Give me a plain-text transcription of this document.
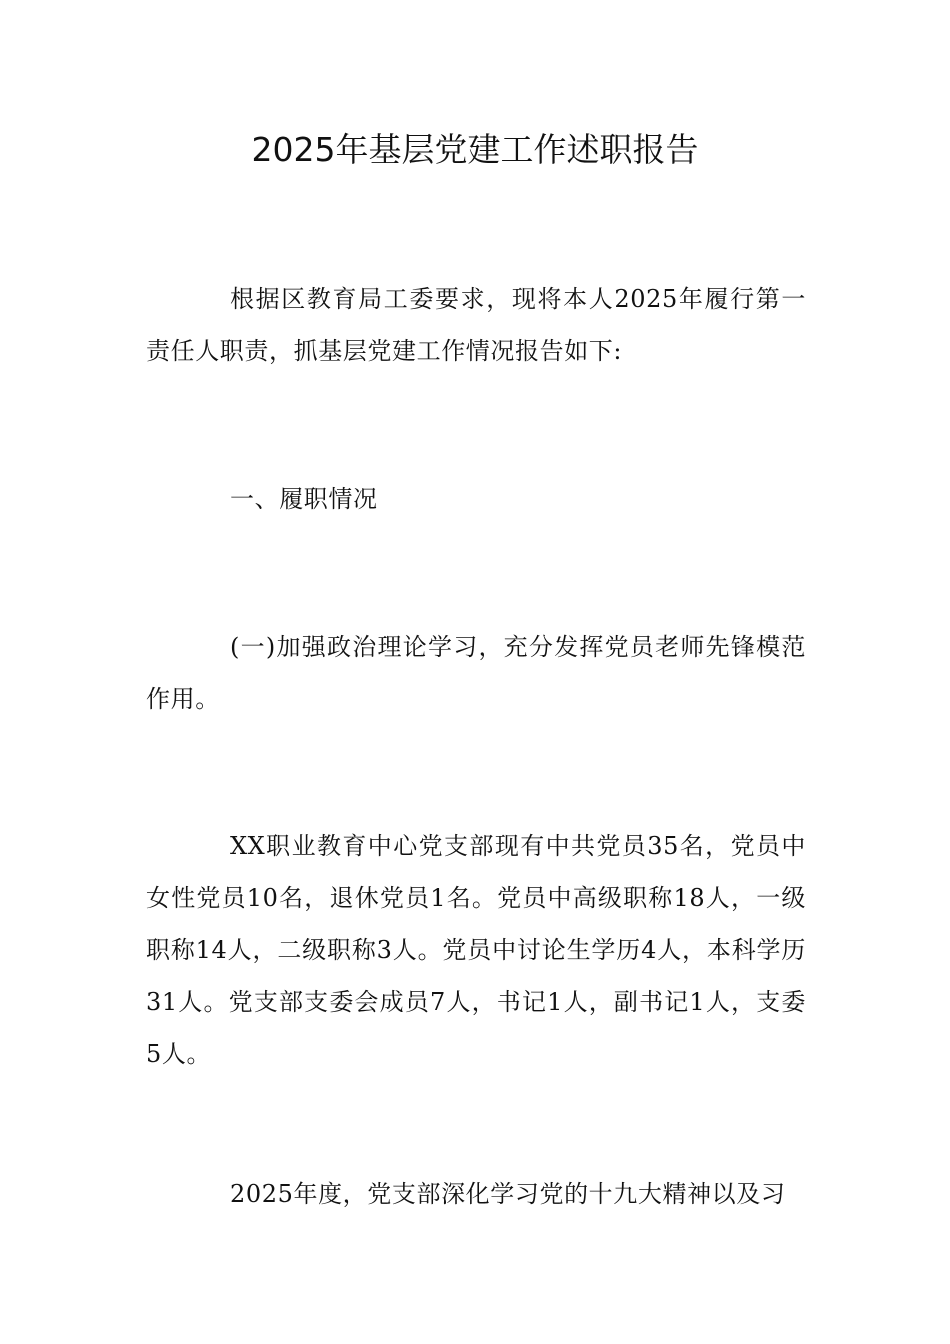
2025年基层党建工作述职报告

根据区教育局工委要求，现将本人2025年履行第一责任人职责，抓基层党建工作情况报告如下:

一、履职情况

(一)加强政治理论学习，充分发挥党员老师先锋模范作用。

XX职业教育中心党支部现有中共党员35名，党员中女性党员10名，退休党员1名。党员中高级职称18人，一级职称14人，二级职称3人。党员中讨论生学历4人，本科学历31人。党支部支委会成员7人，书记1人，副书记1人，支委5人。

2025年度，党支部深化学习党的十九大精神以及习
